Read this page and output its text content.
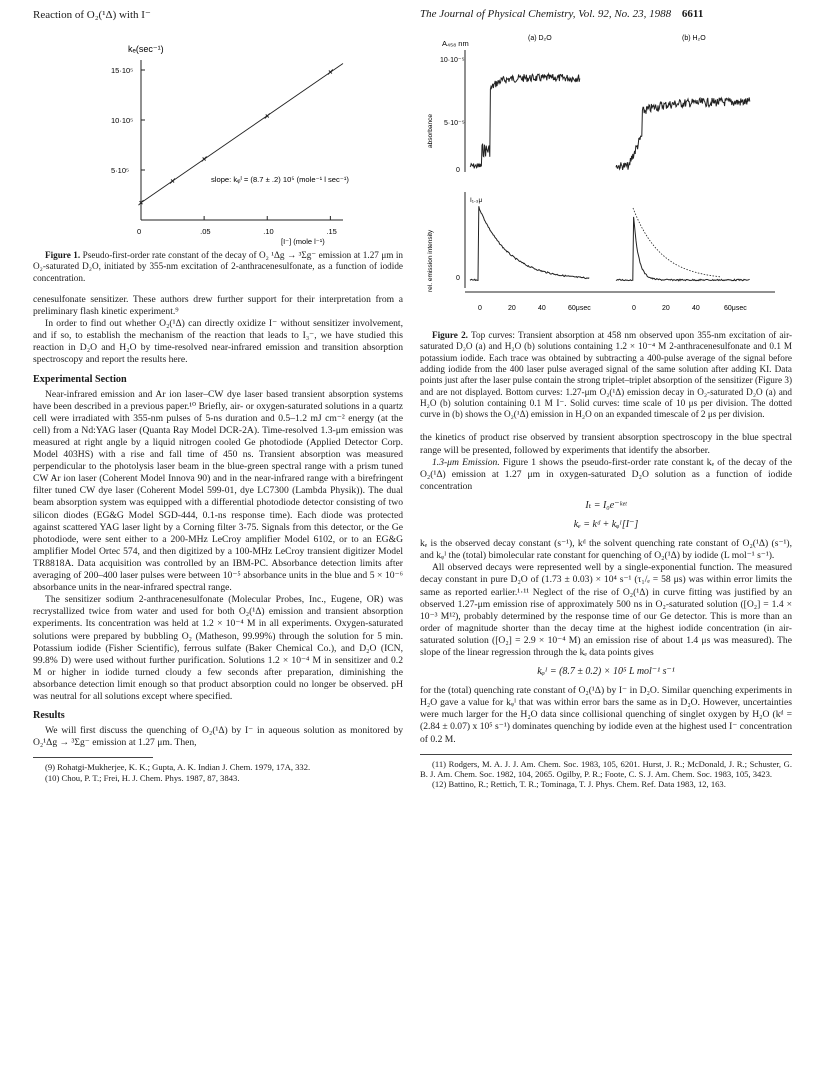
Reaction of O₂(¹Δ) with I⁻	The Journal of Physical Chemistry, Vol. 92, No. 23, 1988 6611
kₑ(sec⁻¹)
15·10⁵
10·10⁵
5·10⁵
0	.05	.10	.15
slope: kᵩᴵ = (8.7 ± .2) 10⁵ (mole⁻¹ l sec⁻¹)
[I⁻] (mole l⁻¹)

Figure 1. Pseudo-first-order rate constant of the decay of O₂ ¹Δg → ³Σg⁻ emission at 1.27 μm in O₂-saturated D₂O, initiated by 355-nm excitation of 2-anthracenesulfonate, as a function of iodide concentration.

cenesulfonate sensitizer. These authors drew further support for their interpretation from a preliminary flash kinetic experiment.⁹

In order to find out whether O₂(¹Δ) can directly oxidize I⁻ without sensitizer involvement, and if so, to establish the mechanism of the reaction that leads to I₃⁻, we have studied this reaction in D₂O and H₂O by time-resolved near-infrared emission and transition absorption spectroscopy and report the results here.

Experimental Section

Near-infrared emission and Ar ion laser–CW dye laser based transient absorption systems have been described in a previous paper.¹⁰ Briefly, air- or oxygen-saturated solutions in a quartz cell were irradiated with 355-nm pulses of 5-ns duration and 0.5–1.2 mJ cm⁻² energy (at the cell) from a Nd:YAG laser (Quanta Ray Model DCR-2A). Time-resolved 1.3-μm emission was measured at right angle by a liquid nitrogen cooled Ge photodiode (Applied Detector Corp. Model 403HS) with a rise and fall time of 450 ns. Transient absorption was measured perpendicular to the photolysis laser beam in the blue-green spectral range with a prism tuned CW Ar ion laser (Coherent Model Innova 90) and in the near-infrared range with a birefringent filter tuned CW dye laser (Coherent Model 599-01, dye LC7300 (Lambda Physik)). The dual beam absorption system was equipped with a differential photodiode detector consisting of two silicon diodes (EG&G Model SGD-444, 0.1-ns response time). Each diode was protected against scattered YAG laser light by a Corning filter 3-75. Signals from this detector, or the Ge photodiode, were sent either to a 200-MHz LeCroy amplifier Model 6102, or to an EG&G amplifier Model Ortec 574, and then digitized by a 100-MHz LeCroy transient digitizer Model TR8818A. Data acquisition was controlled by an IBM-PC. Absorbance detection limits after averaging of 200–400 laser pulses were between 10⁻⁵ absorbance units in the blue and 5 × 10⁻⁶ absorbance units in the near-infrared spectral range.

The sensitizer sodium 2-anthracenesulfonate (Molecular Probes, Inc., Eugene, OR) was recrystallized twice from water and used for both O₂(¹Δ) emission and transient absorption experiments. Its concentration was held at 1.2 × 10⁻⁴ M in all experiments. Oxygen-saturated solutions were prepared by bubbling O₂ (Matheson, 99.99%) through the solution for 5 min. Potassium iodide (Fisher Scientific), ferrous sulfate (Baker Chemical Co.), and D₂O (ICN, 99.8% D) were used without further purification. Solutions 1.2 × 10⁻⁴ M in sensitizer and 0.2 M or higher in iodide turned cloudy a few seconds after preparation, diminishing the absorbance detection limit enough so that product absorption could no longer be observed. pH was neutral for all solutions except where specified.

Results

We will first discuss the quenching of O₂(¹Δ) by I⁻ in aqueous solution as monitored by O₂¹Δg → ³Σg⁻ emission at 1.27 μm. Then,

(9) Rohatgi-Mukherjee, K. K.; Gupta, A. K. Indian J. Chem. 1979, 17A, 332.

(10) Chou, P. T.; Frei, H. J. Chem. Phys. 1987, 87, 3843.

absorbance
rel. emission intensity
A₄₅₈ nm
(a) D₂O	(b) H₂O
10·10⁻⁵
5·10⁻⁵
0
I₁.₃μ
0
0	20	40	60μsec	0	20	40	60μsec

Figure 2. Top curves: Transient absorption at 458 nm observed upon 355-nm excitation of air-saturated D₂O (a) and H₂O (b) solutions containing 1.2 × 10⁻⁴ M 2-anthracenesulfonate and 0.1 M potassium iodide. Each trace was obtained by subtracting a 400-pulse average of the signal before adding iodide from the 400 laser pulse averaged signal of the same solution after adding KI. Data points just after the laser pulse contain the strong triplet–triplet absorption of the sensitizer (Figure 3) and are not displayed. Bottom curves: 1.27-μm O₂(¹Δ) emission decay in O₂-saturated D₂O (a) and H₂O (b) solution containing 0.1 M I⁻. Solid curves: time scale of 10 μs per division. The dotted curve in (b) shows the O₂(¹Δ) emission in H₂O on an expanded timescale of 2 μs per division.

the kinetics of product rise observed by transient absorption spectroscopy in the blue spectral range will be presented, followed by experiments that identify the absorber.

1.3-μm Emission. Figure 1 shows the pseudo-first-order rate constant kₑ of the decay of the O₂(¹Δ) emission at 1.27 μm in oxygen-saturated D₂O solution as a function of iodide concentration

Iₜ = I₀e⁻ᵏᵉᵗ
kₑ = kᵈ + kᵩᴵ[I⁻]

kₑ is the observed decay constant (s⁻¹), kᵈ the solvent quenching rate constant of O₂(¹Δ) (s⁻¹), and kᵩᴵ the (total) bimolecular rate constant for quenching of O₂(¹Δ) by iodide (L mol⁻¹ s⁻¹).

All observed decays were represented well by a single-exponential function. The measured decay constant in pure D₂O of (1.73 ± 0.03) × 10⁴ s⁻¹ (τ₁/ₑ = 58 μs) was within error limits the same as reported earlier.¹·¹¹ Neglect of the rise of O₂(¹Δ) in curve fitting was justified by an observed 1.27-μm emission rise of approximately 500 ns in O₂-saturated solution ([O₂] = 1.4 × 10⁻³ M¹²), probably determined by the response time of our Ge detector. This is more than an order of magnitude shorter than the decay time at the highest iodide concentration (in air-saturated solution ([O₂] = 2.9 × 10⁻⁴ M) an emission rise of about 1.4 μs was measured). The slope of the linear regression through the kₑ data points gives

kᵩᴵ = (8.7 ± 0.2) × 10⁵ L mol⁻¹ s⁻¹

for the (total) quenching rate constant of O₂(¹Δ) by I⁻ in D₂O. Similar quenching experiments in H₂O gave a value for kᵩᴵ that was within error bars the same as in D₂O. However, uncertainties were much larger for the H₂O data since collisional quenching of singlet oxygen by H₂O (kᵈ = (2.84 ± 0.07) x 10⁵ s⁻¹) dominates quenching by iodide even at the highest used I⁻ concentration of 0.2 M.

(11) Rodgers, M. A. J. J. Am. Chem. Soc. 1983, 105, 6201. Hurst, J. R.; McDonald, J. R.; Schuster, G. B. J. Am. Chem. Soc. 1982, 104, 2065. Ogilby, P. R.; Foote, C. S. J. Am. Chem. Soc. 1983, 105, 3423.

(12) Battino, R.; Rettich, T. R.; Tominaga, T. J. Phys. Chem. Ref. Data 1983, 12, 163.
